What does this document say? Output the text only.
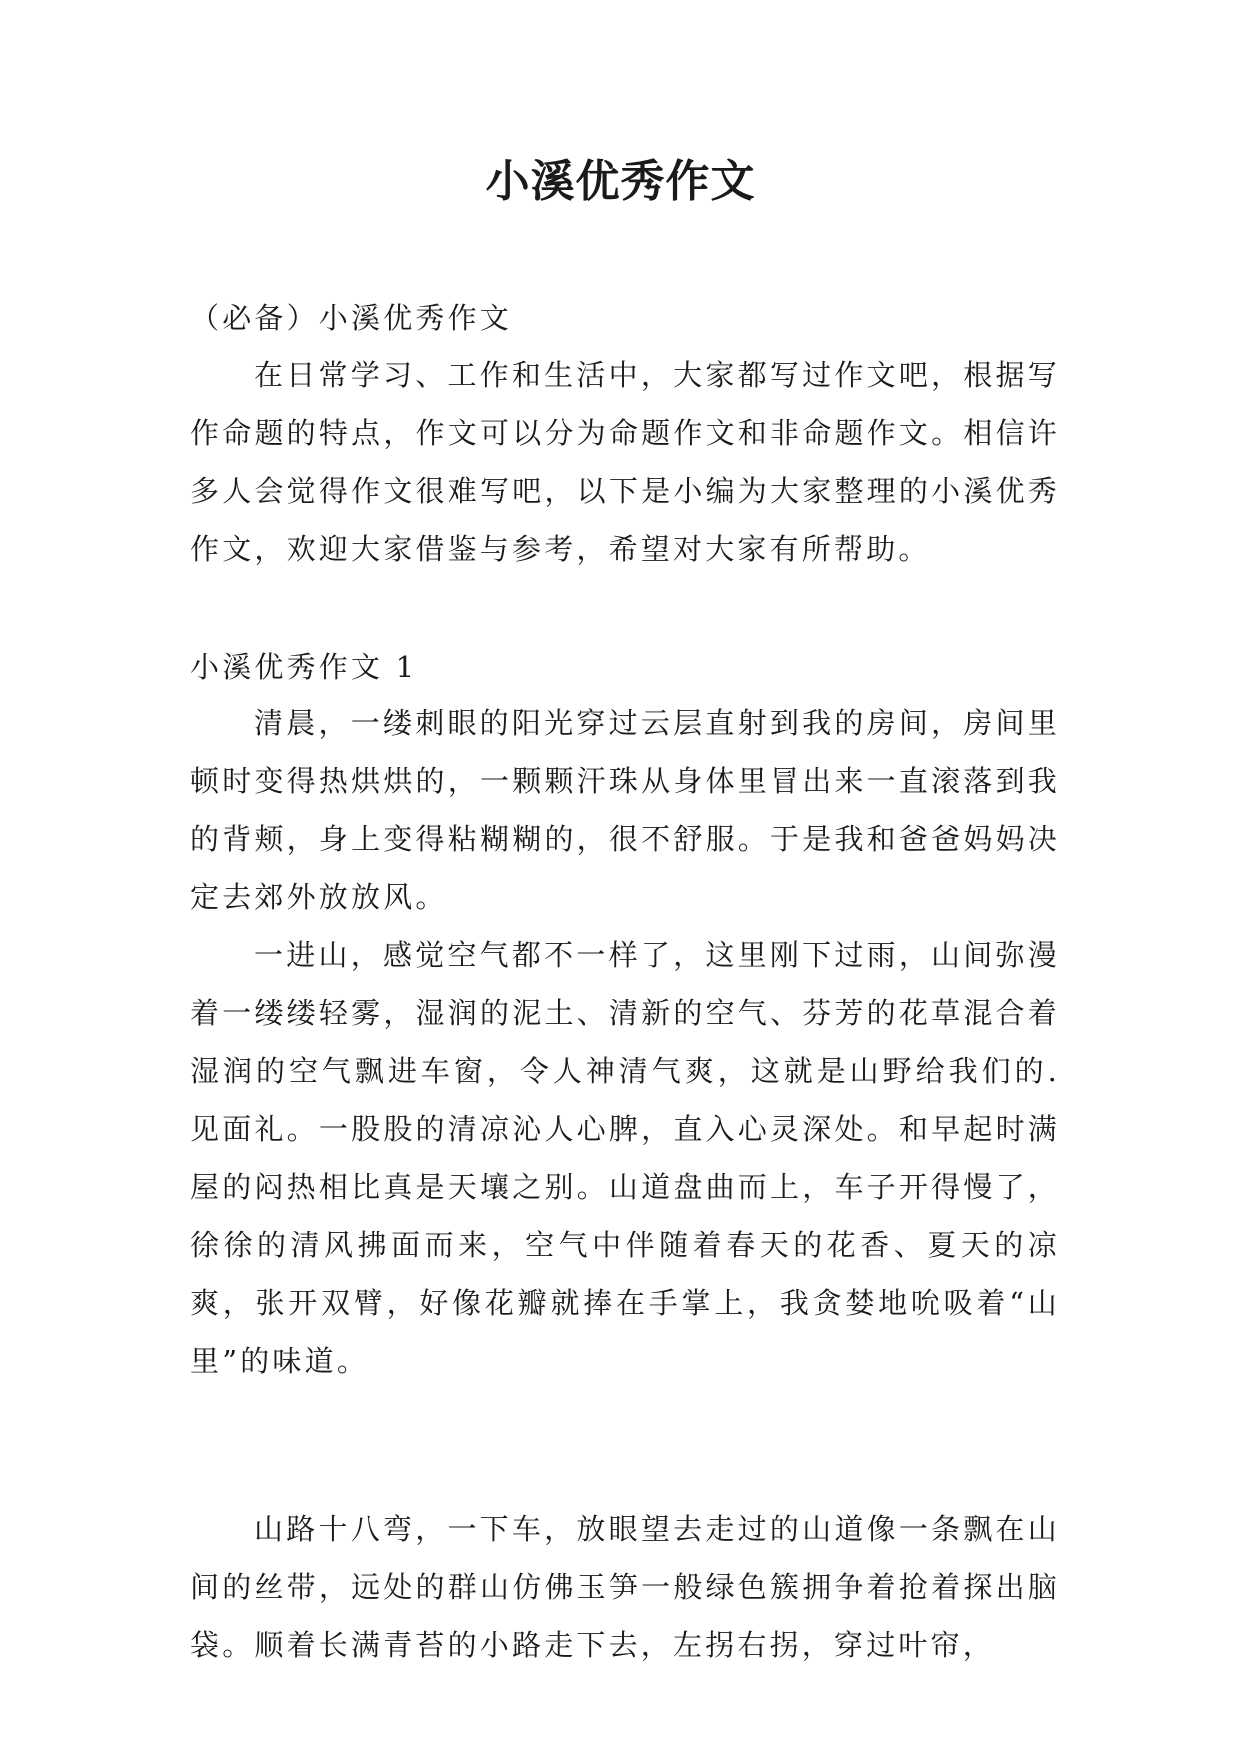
小溪优秀作文

（必备）小溪优秀作文

在日常学习、工作和生活中，大家都写过作文吧，根据写作命题的特点，作文可以分为命题作文和非命题作文。相信许多人会觉得作文很难写吧，以下是小编为大家整理的小溪优秀作文，欢迎大家借鉴与参考，希望对大家有所帮助。

小溪优秀作文 1

清晨，一缕刺眼的阳光穿过云层直射到我的房间，房间里顿时变得热烘烘的，一颗颗汗珠从身体里冒出来一直滚落到我的背颊，身上变得粘糊糊的，很不舒服。于是我和爸爸妈妈决定去郊外放放风。

一进山，感觉空气都不一样了，这里刚下过雨，山间弥漫着一缕缕轻雾，湿润的泥土、清新的空气、芬芳的花草混合着湿润的空气飘进车窗，令人神清气爽，这就是山野给我们的. 见面礼。一股股的清凉沁人心脾，直入心灵深处。和早起时满屋的闷热相比真是天壤之别。山道盘曲而上，车子开得慢了，徐徐的清风拂面而来，空气中伴随着春天的花香、夏天的凉爽，张开双臂，好像花瓣就捧在手掌上，我贪婪地吮吸着“山里”的味道。

山路十八弯，一下车，放眼望去走过的山道像一条飘在山间的丝带，远处的群山仿佛玉笋一般绿色簇拥争着抢着探出脑袋。顺着长满青苔的小路走下去，左拐右拐，穿过叶帘，
